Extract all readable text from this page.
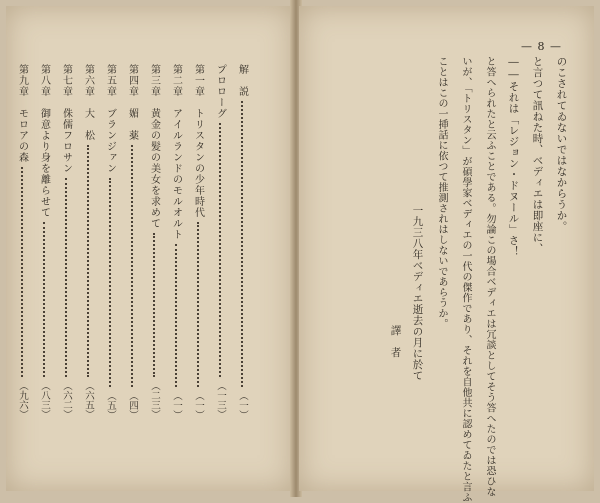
解　説
（一）
プロローグ
（一三）
第一章　トリスタンの少年時代
（一）
第二章　アイルランドのモルオルト
（一）
第三章　黄金の髪の美女を求めて
（二三）
第四章　媚　薬
（四）
第五章　ブランジァン
（五）
第六章　大　松
（六五）
第七章　侏儒フロサン
（六二）
第八章　御意より身を離らせて
（八三）
第九章　モロアの森
（九六）
— 8 —
のこされてゐないではなからうか。
と言つて訊ねた時、ベディエは即座に、
――それは「レジョン・ドヌール」さ！
と答へられたと云ふことである。勿論この場合ベディエは冗談としてそう答へたのでは恐ひな
いが、「トリスタン」が碩學家ベディエの一代の傑作であり、それを自他共に認めてゐたと言ふ
ことはこの一挿話に依つて推測されはしないであらうか。
一九三八年ベディエ逝去の月に於て
譯　者
